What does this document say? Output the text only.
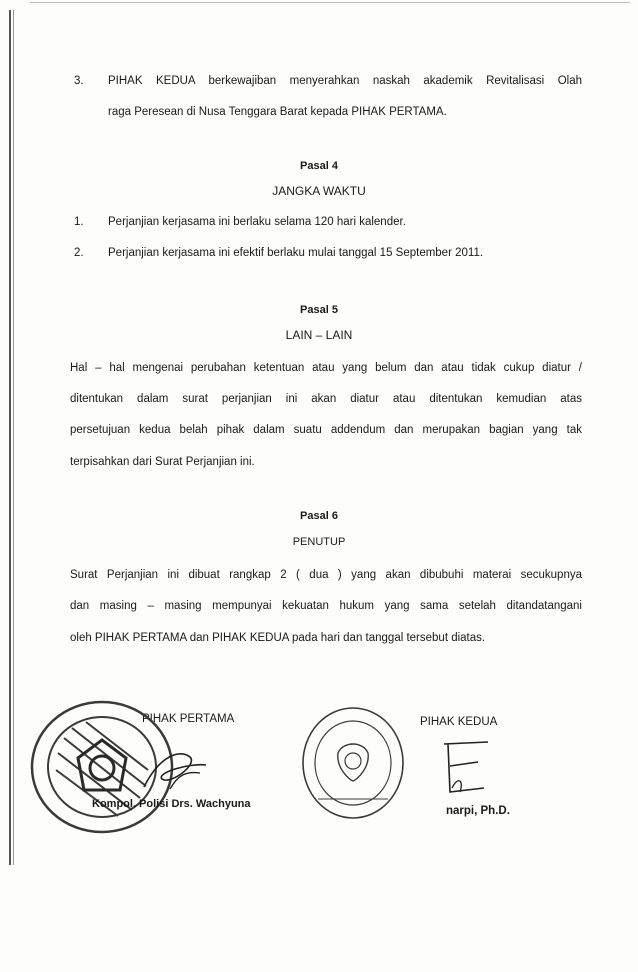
3. PIHAK KEDUA berkewajiban menyerahkan naskah akademik Revitalisasi Olah
raga Peresean di Nusa Tenggara Barat kepada PIHAK PERTAMA.
Pasal 4
JANGKA WAKTU
1. Perjanjian kerjasama ini berlaku selama 120 hari kalender.
2. Perjanjian kerjasama ini efektif berlaku mulai tanggal 15 September 2011.
Pasal 5
LAIN – LAIN
Hal – hal mengenai perubahan ketentuan atau yang belum dan atau tidak cukup diatur /
ditentukan dalam surat perjanjian ini akan diatur atau ditentukan kemudian atas
persetujuan kedua belah pihak dalam suatu addendum dan merupakan bagian yang tak
terpisahkan dari Surat Perjanjian ini.
Pasal 6
PENUTUP
Surat Perjanjian ini dibuat rangkap 2 ( dua ) yang akan dibubuhi materai secukupnya
dan masing – masing mempunyai kekuatan hukum yang sama setelah ditandatangani
oleh PIHAK PERTAMA dan PIHAK KEDUA pada hari dan tanggal tersebut diatas.
PIHAK PERTAMA	PIHAK KEDUA
Kompol. Polisi Drs. Wachyuna
narpi, Ph.D.
